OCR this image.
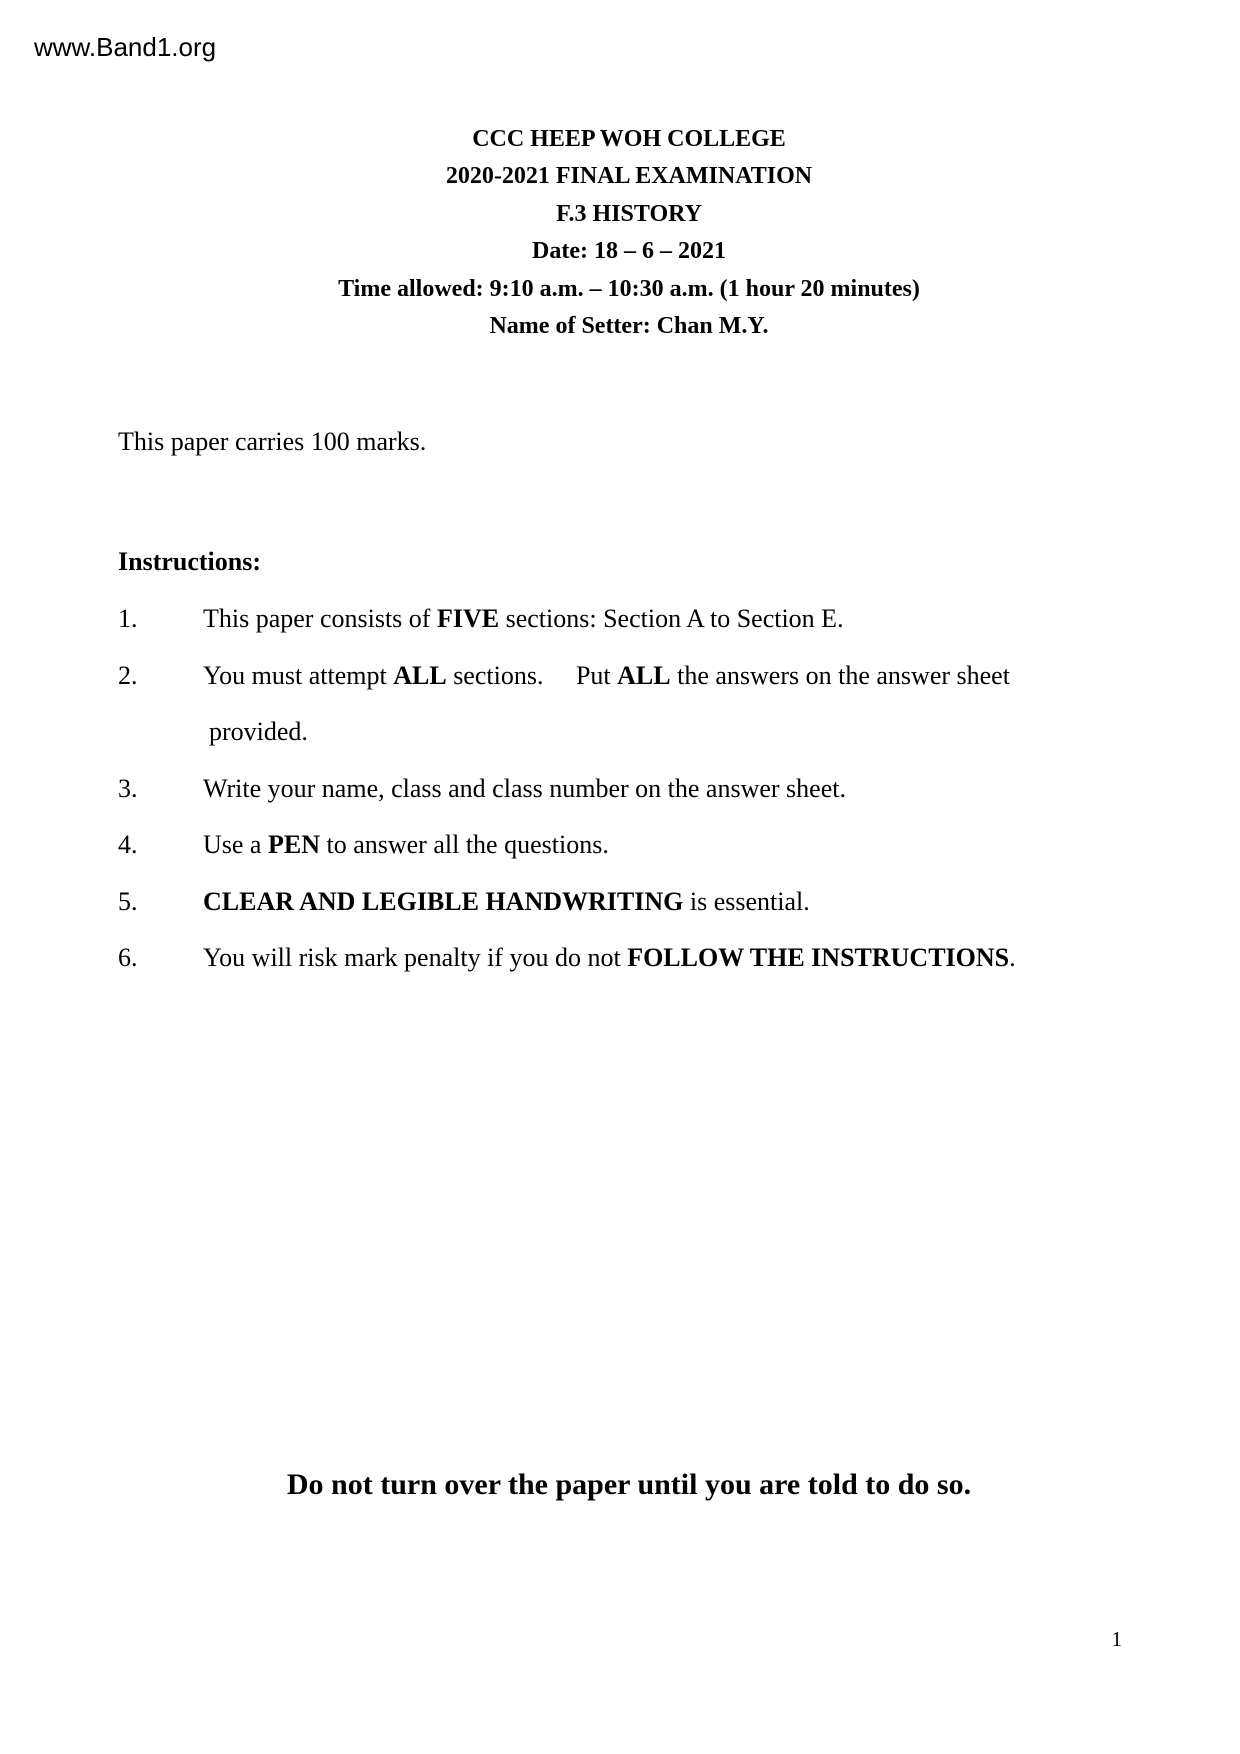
www.Band1.org
CCC HEEP WOH COLLEGE
2020-2021 FINAL EXAMINATION
F.3 HISTORY
Date: 18 – 6 – 2021
Time allowed: 9:10 a.m. – 10:30 a.m. (1 hour 20 minutes)
Name of Setter: Chan M.Y.
This paper carries 100 marks.
Instructions:
1.	This paper consists of FIVE sections: Section A to Section E.
2.	You must attempt ALL sections.  Put ALL the answers on the answer sheet
provided.
3.	Write your name, class and class number on the answer sheet.
4.	Use a PEN to answer all the questions.
5.	CLEAR AND LEGIBLE HANDWRITING is essential.
6.	You will risk mark penalty if you do not FOLLOW THE INSTRUCTIONS.
Do not turn over the paper until you are told to do so.
1
